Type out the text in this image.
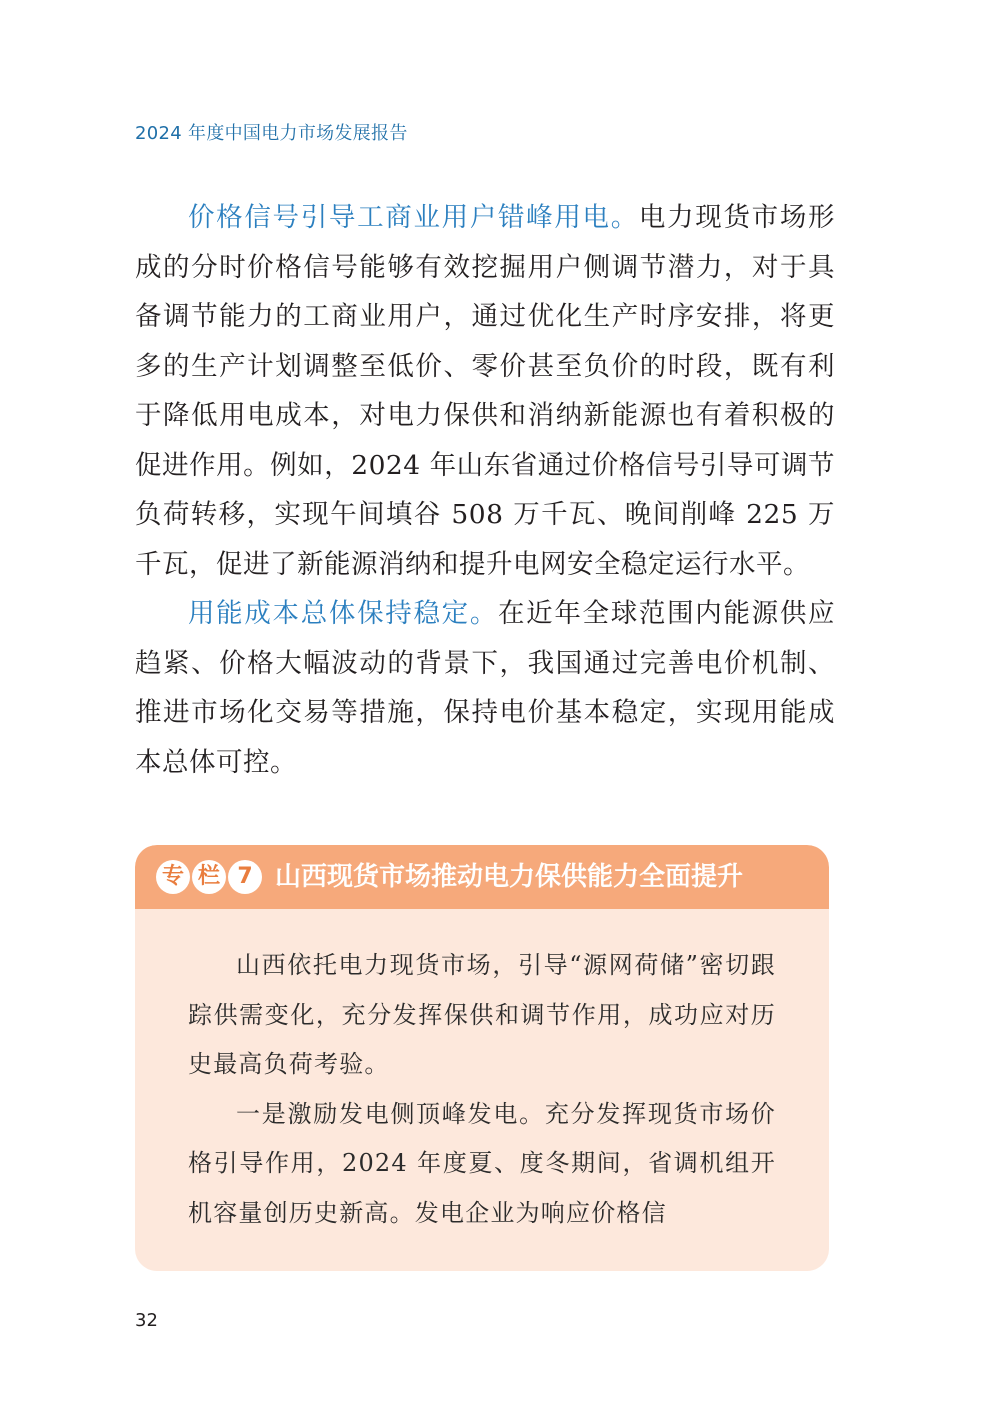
2024 年度中国电力市场发展报告

价格信号引导工商业用户错峰用电。电力现货市场形成的分时价格信号能够有效挖掘用户侧调节潜力，对于具备调节能力的工商业用户，通过优化生产时序安排，将更多的生产计划调整至低价、零价甚至负价的时段，既有利于降低用电成本，对电力保供和消纳新能源也有着积极的促进作用。例如，2024 年山东省通过价格信号引导可调节负荷转移，实现午间填谷 508 万千瓦、晚间削峰 225 万千瓦，促进了新能源消纳和提升电网安全稳定运行水平。

用能成本总体保持稳定。在近年全球范围内能源供应趋紧、价格大幅波动的背景下，我国通过完善电价机制、推进市场化交易等措施，保持电价基本稳定，实现用能成本总体可控。

专 栏 7 山西现货市场推动电力保供能力全面提升

山西依托电力现货市场，引导“源网荷储”密切跟踪供需变化，充分发挥保供和调节作用，成功应对历史最高负荷考验。

一是激励发电侧顶峰发电。充分发挥现货市场价格引导作用，2024 年度夏、度冬期间，省调机组开机容量创历史新高。发电企业为响应价格信

32
